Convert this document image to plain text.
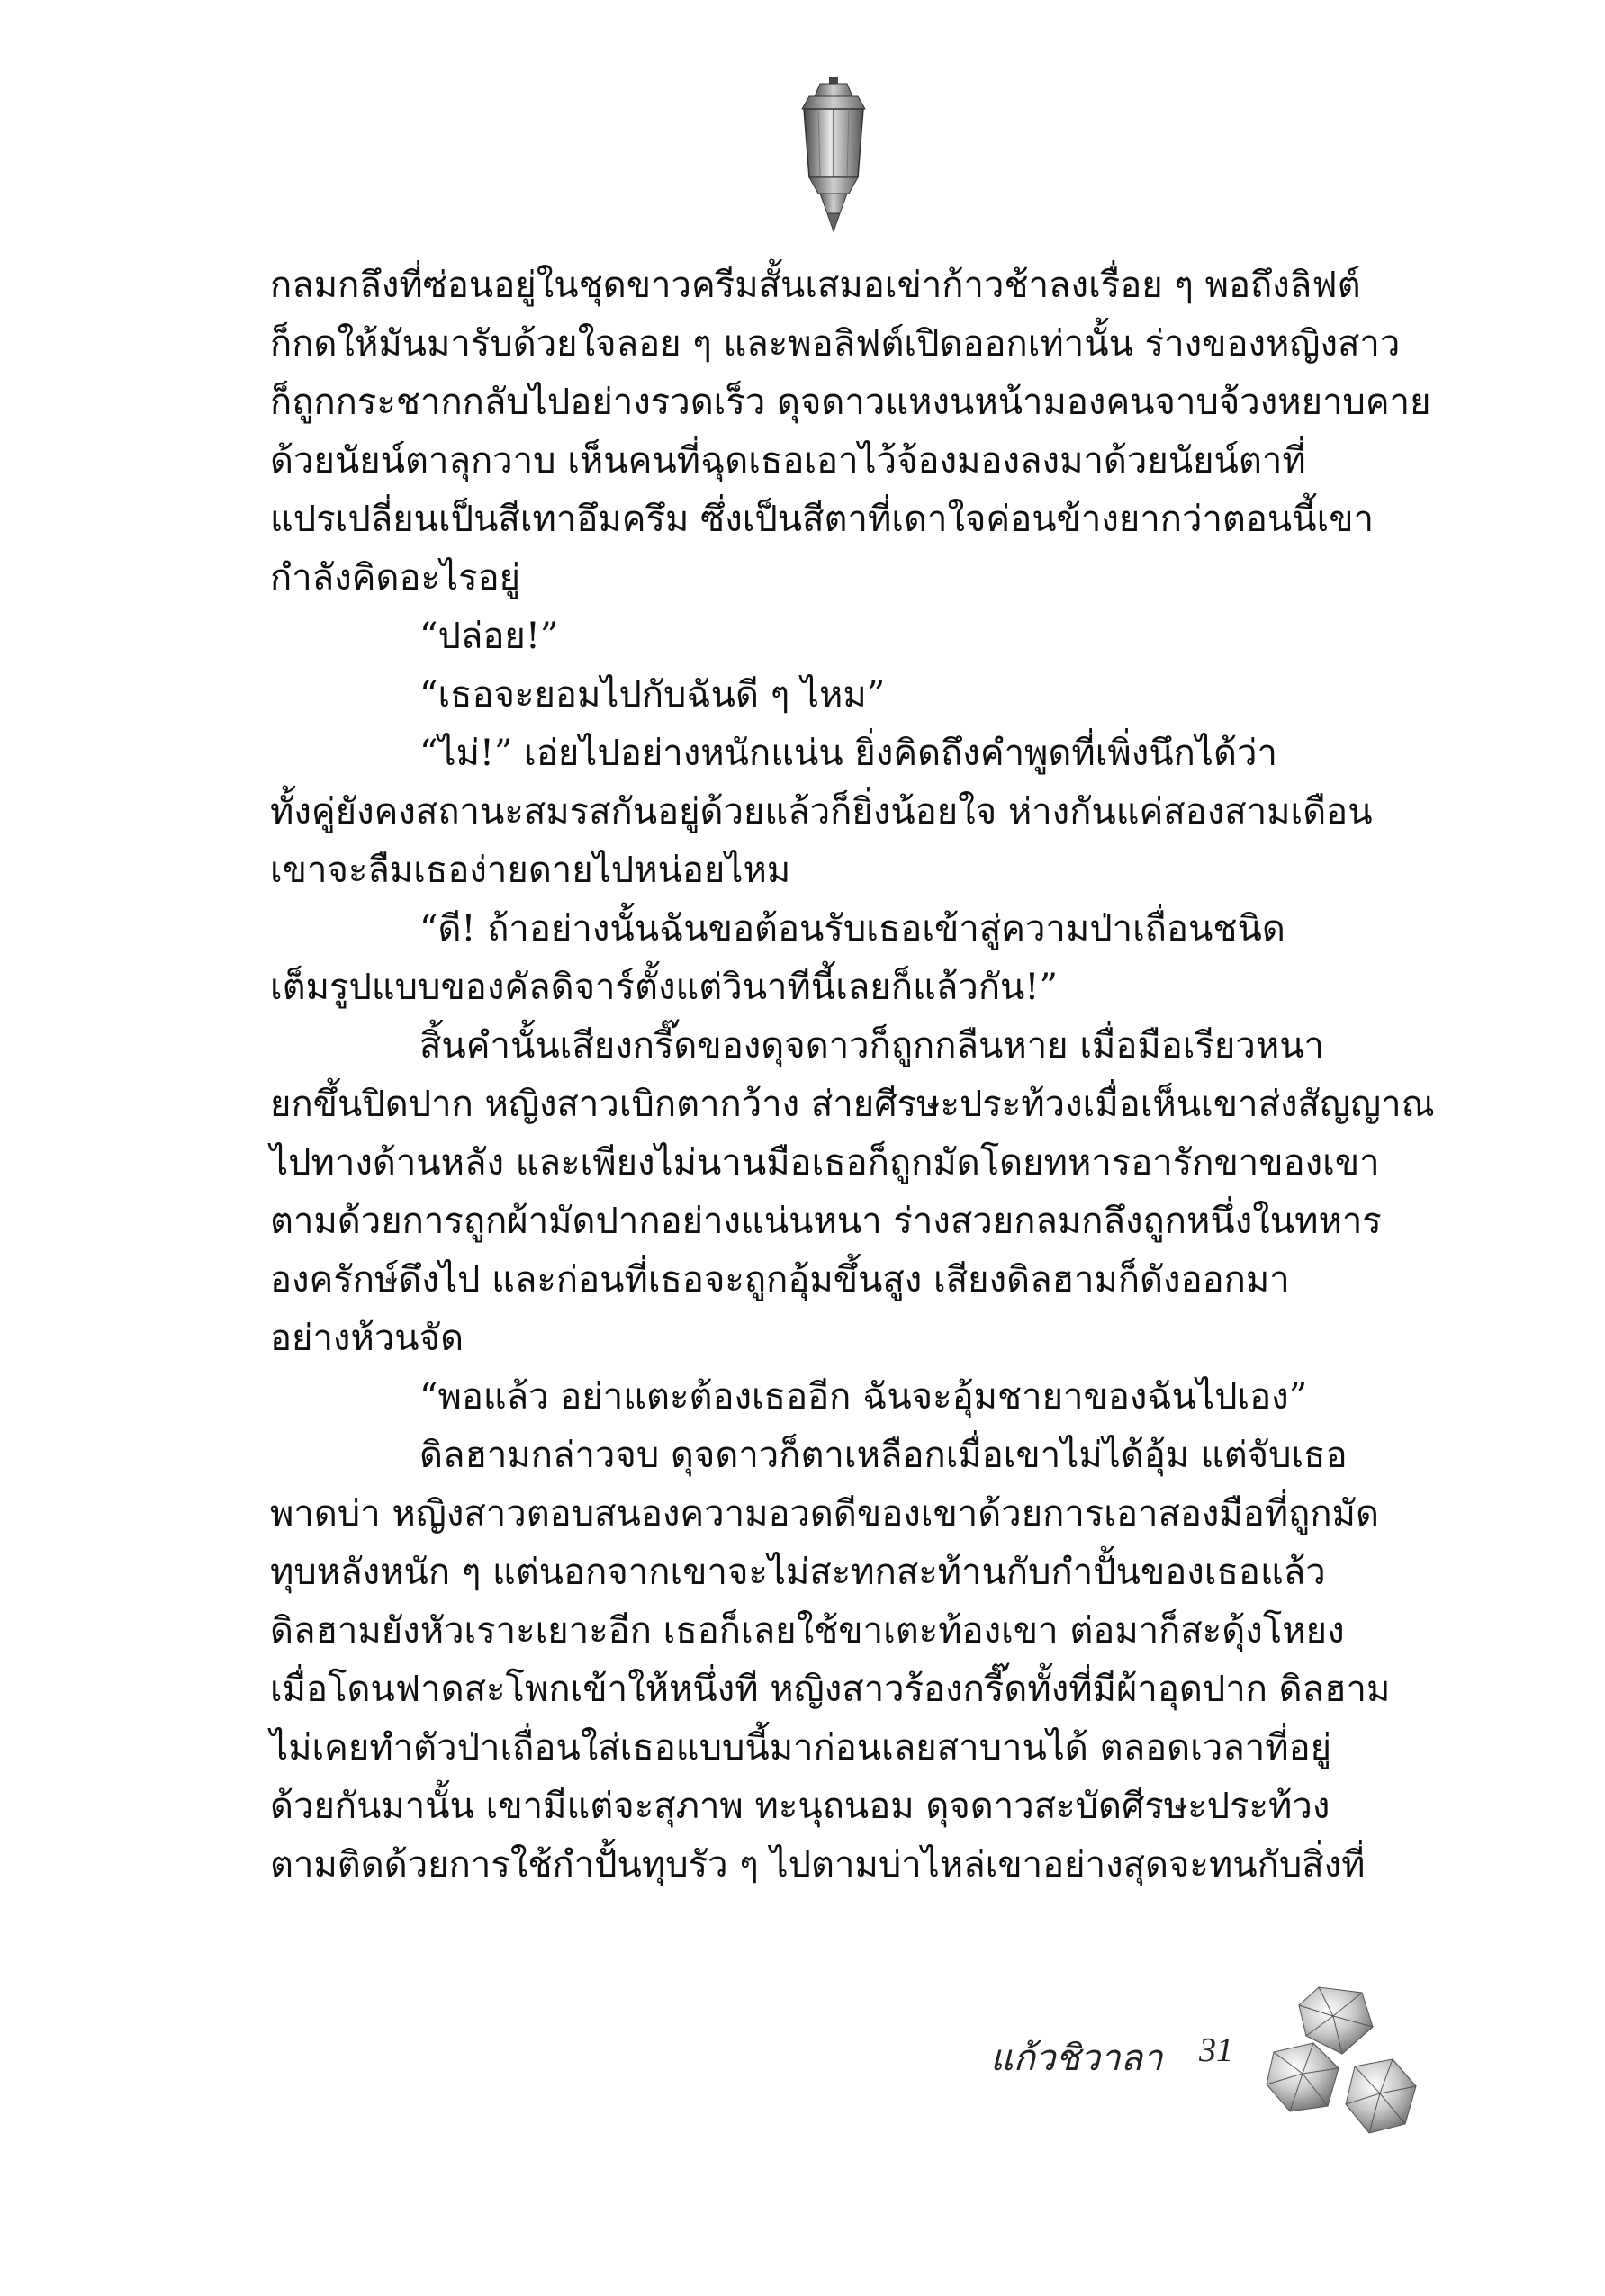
กลมกลึงที่ซ่อนอยู่ในชุดขาวครีมสั้นเสมอเข่าก้าวช้าลงเรื่อย ๆ พอถึงลิฟต์
ก็กดให้มันมารับด้วยใจลอย ๆ และพอลิฟต์เปิดออกเท่านั้น ร่างของหญิงสาว
ก็ถูกกระชากกลับไปอย่างรวดเร็ว ดุจดาวแหงนหน้ามองคนจาบจ้วงหยาบคาย
ด้วยนัยน์ตาลุกวาบ เห็นคนที่ฉุดเธอเอาไว้จ้องมองลงมาด้วยนัยน์ตาที่
แปรเปลี่ยนเป็นสีเทาอึมครึม ซึ่งเป็นสีตาที่เดาใจค่อนข้างยากว่าตอนนี้เขา
กำลังคิดอะไรอยู่
“ปล่อย!”
“เธอจะยอมไปกับฉันดี ๆ ไหม”
“ไม่!” เอ่ยไปอย่างหนักแน่น ยิ่งคิดถึงคำพูดที่เพิ่งนึกได้ว่า
ทั้งคู่ยังคงสถานะสมรสกันอยู่ด้วยแล้วก็ยิ่งน้อยใจ ห่างกันแค่สองสามเดือน
เขาจะลืมเธอง่ายดายไปหน่อยไหม
“ดี! ถ้าอย่างนั้นฉันขอต้อนรับเธอเข้าสู่ความป่าเถื่อนชนิด
เต็มรูปแบบของคัลดิจาร์ตั้งแต่วินาทีนี้เลยก็แล้วกัน!”
สิ้นคำนั้นเสียงกรี๊ดของดุจดาวก็ถูกกลืนหาย เมื่อมือเรียวหนา
ยกขึ้นปิดปาก หญิงสาวเบิกตากว้าง ส่ายศีรษะประท้วงเมื่อเห็นเขาส่งสัญญาณ
ไปทางด้านหลัง และเพียงไม่นานมือเธอก็ถูกมัดโดยทหารอารักขาของเขา
ตามด้วยการถูกผ้ามัดปากอย่างแน่นหนา ร่างสวยกลมกลึงถูกหนึ่งในทหาร
องครักษ์ดึงไป และก่อนที่เธอจะถูกอุ้มขึ้นสูง เสียงดิลฮามก็ดังออกมา
อย่างห้วนจัด
“พอแล้ว อย่าแตะต้องเธออีก ฉันจะอุ้มชายาของฉันไปเอง”
ดิลฮามกล่าวจบ ดุจดาวก็ตาเหลือกเมื่อเขาไม่ได้อุ้ม แต่จับเธอ
พาดบ่า หญิงสาวตอบสนองความอวดดีของเขาด้วยการเอาสองมือที่ถูกมัด
ทุบหลังหนัก ๆ แต่นอกจากเขาจะไม่สะทกสะท้านกับกำปั้นของเธอแล้ว
ดิลฮามยังหัวเราะเยาะอีก เธอก็เลยใช้ขาเตะท้องเขา ต่อมาก็สะดุ้งโหยง
เมื่อโดนฟาดสะโพกเข้าให้หนึ่งที หญิงสาวร้องกรี๊ดทั้งที่มีผ้าอุดปาก ดิลฮาม
ไม่เคยทำตัวป่าเถื่อนใส่เธอแบบนี้มาก่อนเลยสาบานได้ ตลอดเวลาที่อยู่
ด้วยกันมานั้น เขามีแต่จะสุภาพ ทะนุถนอม ดุจดาวสะบัดศีรษะประท้วง
ตามติดด้วยการใช้กำปั้นทุบรัว ๆ ไปตามบ่าไหล่เขาอย่างสุดจะทนกับสิ่งที่
แก้วชิวาลา 31
